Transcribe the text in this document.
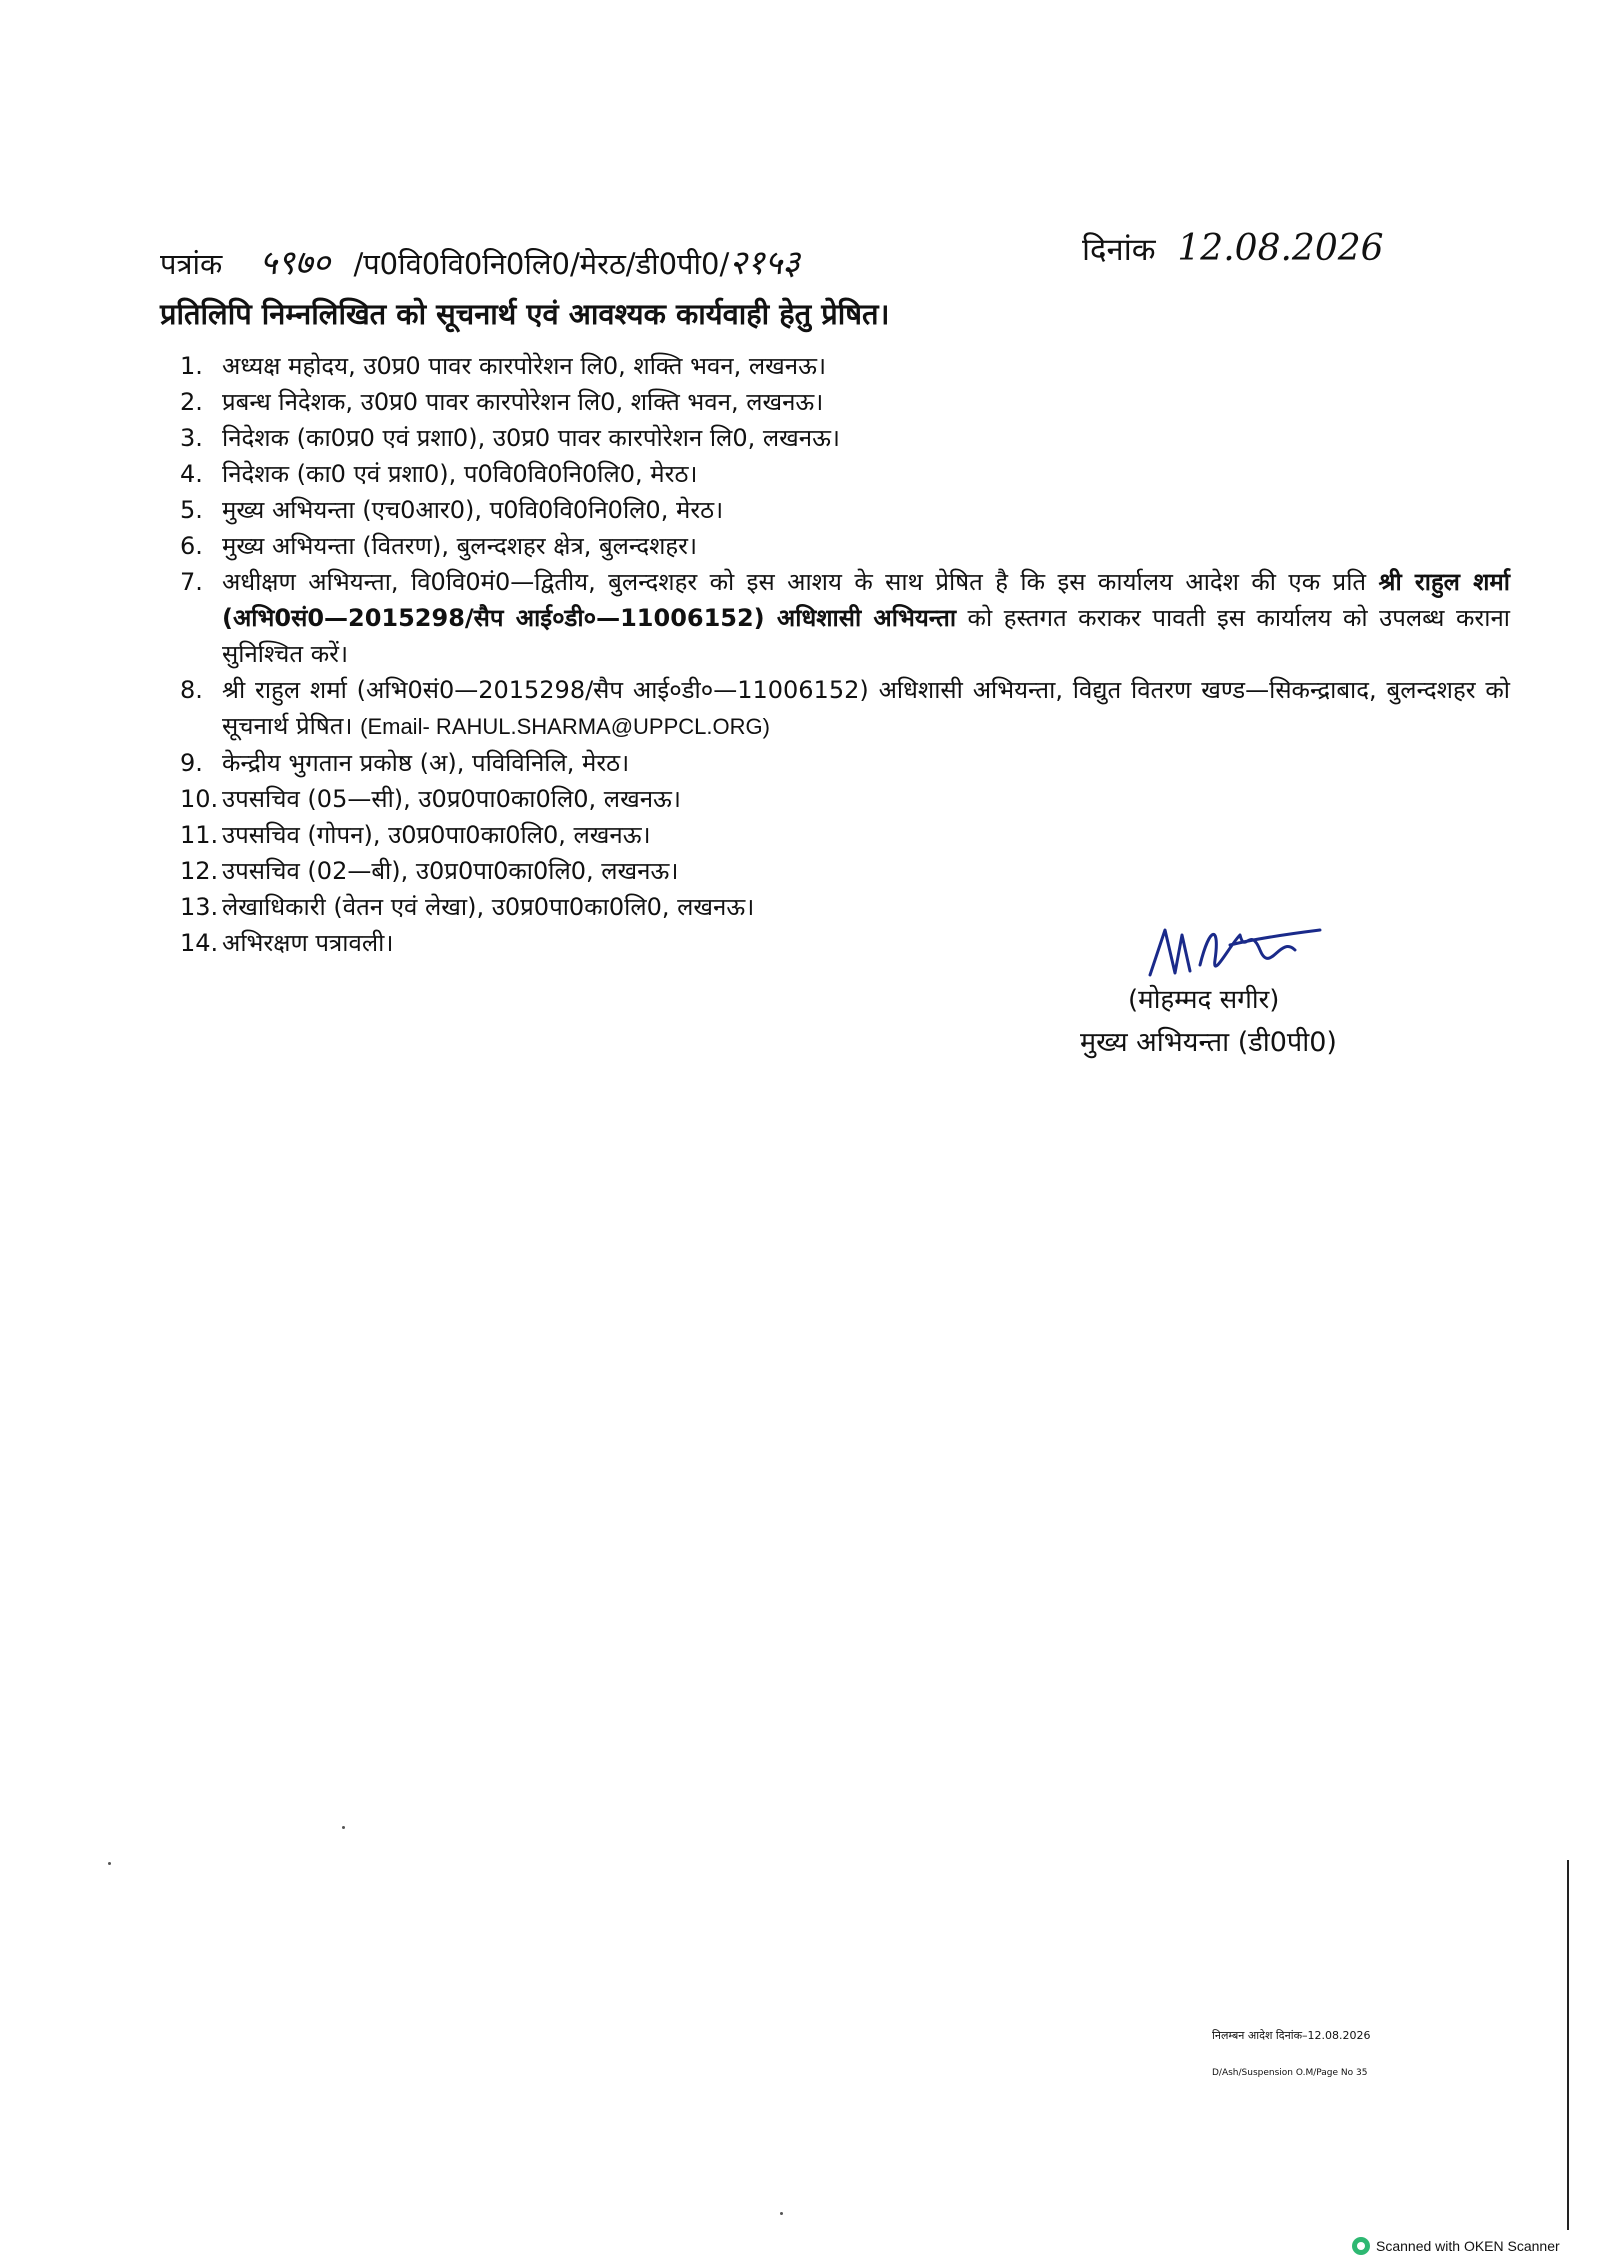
पत्रांक ५९७० /प0वि0वि0नि0लि0/मेरठ/डी0पी0/२१५३	दिनांक 12.08.2026
प्रतिलिपि निम्नलिखित को सूचनार्थ एवं आवश्यक कार्यवाही हेतु प्रेषित।
1. अध्यक्ष महोदय, उ0प्र0 पावर कारपोरेशन लि0, शक्ति भवन, लखनऊ।
2. प्रबन्ध निदेशक, उ0प्र0 पावर कारपोरेशन लि0, शक्ति भवन, लखनऊ।
3. निदेशक (का0प्र0 एवं प्रशा0), उ0प्र0 पावर कारपोरेशन लि0, लखनऊ।
4. निदेशक (का0 एवं प्रशा0), प0वि0वि0नि0लि0, मेरठ।
5. मुख्य अभियन्ता (एच0आर0), प0वि0वि0नि0लि0, मेरठ।
6. मुख्य अभियन्ता (वितरण), बुलन्दशहर क्षेत्र, बुलन्दशहर।
7. अधीक्षण अभियन्ता, वि0वि0मं0—द्वितीय, बुलन्दशहर को इस आशय के साथ प्रेषित है कि इस कार्यालय आदेश की एक प्रति श्री राहुल शर्मा (अभि0सं0—2015298/सैप आई०डी०—11006152) अधिशासी अभियन्ता को हस्तगत कराकर पावती इस कार्यालय को उपलब्ध कराना सुनिश्चित करें।
8. श्री राहुल शर्मा (अभि0सं0—2015298/सैप आई०डी०—11006152) अधिशासी अभियन्ता, विद्युत वितरण खण्ड—सिकन्द्राबाद, बुलन्दशहर को सूचनार्थ प्रेषित। (Email- RAHUL.SHARMA@UPPCL.ORG)
9. केन्द्रीय भुगतान प्रकोष्ठ (अ), पविविनिलि, मेरठ।
10. उपसचिव (05—सी), उ0प्र0पा0का0लि0, लखनऊ।
11. उपसचिव (गोपन), उ0प्र0पा0का0लि0, लखनऊ।
12. उपसचिव (02—बी), उ0प्र0पा0का0लि0, लखनऊ।
13. लेखाधिकारी (वेतन एवं लेखा), उ0प्र0पा0का0लि0, लखनऊ।
14. अभिरक्षण पत्रावली।
(मोहम्मद सगीर)
मुख्य अभियन्ता (डी0पी0)
निलम्बन आदेश दिनांक–12.08.2026
D/Ash/Suspension O.M/Page No 35
Scanned with OKEN Scanner
